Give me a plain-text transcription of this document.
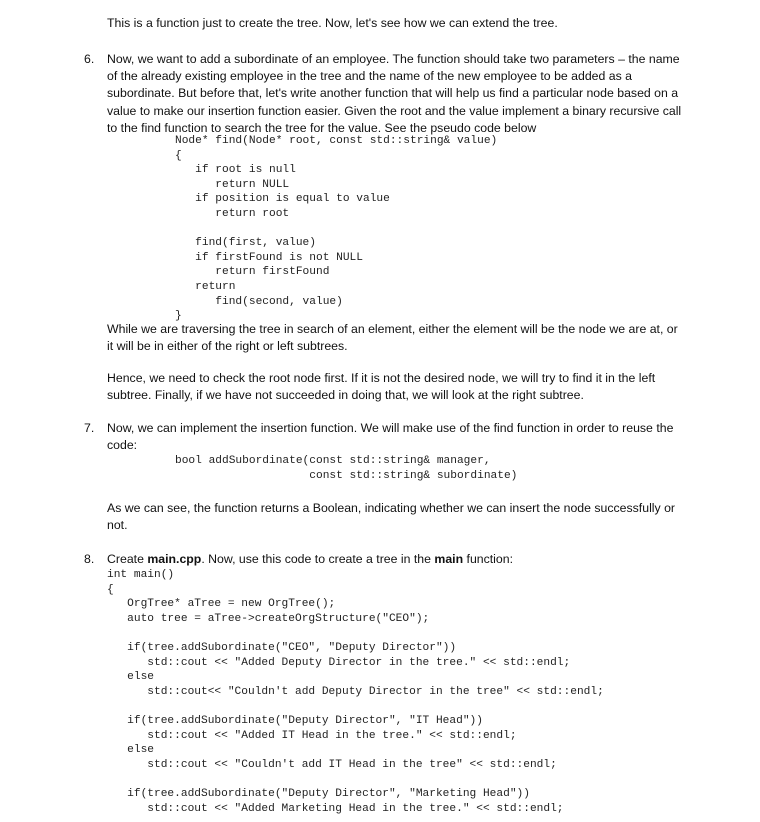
This is a function just to create the tree. Now, let's see how we can extend the tree.
6. Now, we want to add a subordinate of an employee. The function should take two parameters – the name of the already existing employee in the tree and the name of the new employee to be added as a subordinate. But before that, let's write another function that will help us find a particular node based on a value to make our insertion function easier. Given the root and the value implement a binary recursive call to the find function to search the tree for the value. See the pseudo code below
Node* find(Node* root, const std::string& value)
{
if root is null
return NULL
if position is equal to value
return root
find(first, value)
if firstFound is not NULL
return firstFound
return
find(second, value)
}
While we are traversing the tree in search of an element, either the element will be the node we are at, or it will be in either of the right or left subtrees.
Hence, we need to check the root node first. If it is not the desired node, we will try to find it in the left subtree. Finally, if we have not succeeded in doing that, we will look at the right subtree.
7. Now, we can implement the insertion function. We will make use of the find function in order to reuse the code:
bool addSubordinate(const std::string& manager,
const std::string& subordinate)
As we can see, the function returns a Boolean, indicating whether we can insert the node successfully or not.
8. Create main.cpp. Now, use this code to create a tree in the main function:
int main()
{
OrgTree* aTree = new OrgTree();
auto tree = aTree->createOrgStructure("CEO");
if(tree.addSubordinate("CEO", "Deputy Director"))
std::cout << "Added Deputy Director in the tree." << std::endl;
else
std::cout<< "Couldn't add Deputy Director in the tree" << std::endl;
if(tree.addSubordinate("Deputy Director", "IT Head"))
std::cout << "Added IT Head in the tree." << std::endl;
else
std::cout << "Couldn't add IT Head in the tree" << std::endl;
if(tree.addSubordinate("Deputy Director", "Marketing Head"))
std::cout << "Added Marketing Head in the tree." << std::endl;
